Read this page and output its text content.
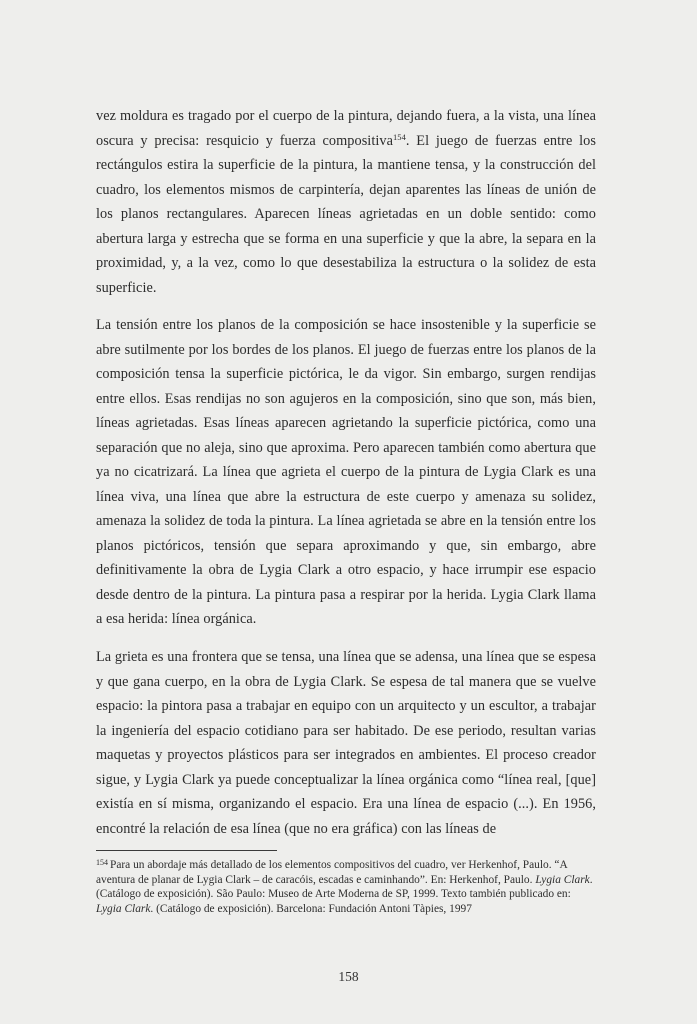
vez moldura es tragado por el cuerpo de la pintura, dejando fuera, a la vista, una línea oscura y precisa: resquicio y fuerza compositiva$^{154}$. El juego de fuerzas entre los rectángulos estira la superficie de la pintura, la mantiene tensa, y la construcción del cuadro, los elementos mismos de carpintería, dejan aparentes las líneas de unión de los planos rectangulares. Aparecen líneas agrietadas en un doble sentido: como abertura larga y estrecha que se forma en una superficie y que la abre, la separa en la proximidad, y, a la vez, como lo que desestabiliza la estructura o la solidez de esta superficie.

La tensión entre los planos de la composición se hace insostenible y la superficie se abre sutilmente por los bordes de los planos. El juego de fuerzas entre los planos de la composición tensa la superficie pictórica, le da vigor. Sin embargo, surgen rendijas entre ellos. Esas rendijas no son agujeros en la composición, sino que son, más bien, líneas agrietadas. Esas líneas aparecen agrietando la superficie pictórica, como una separación que no aleja, sino que aproxima. Pero aparecen también como abertura que ya no cicatrizará. La línea que agrieta el cuerpo de la pintura de Lygia Clark es una línea viva, una línea que abre la estructura de este cuerpo y amenaza su solidez, amenaza la solidez de toda la pintura. La línea agrietada se abre en la tensión entre los planos pictóricos, tensión que separa aproximando y que, sin embargo, abre definitivamente la obra de Lygia Clark a otro espacio, y hace irrumpir ese espacio desde dentro de la pintura. La pintura pasa a respirar por la herida. Lygia Clark llama a esa herida: línea orgánica.

La grieta es una frontera que se tensa, una línea que se adensa, una línea que se espesa y que gana cuerpo, en la obra de Lygia Clark. Se espesa de tal manera que se vuelve espacio: la pintora pasa a trabajar en equipo con un arquitecto y un escultor, a trabajar la ingeniería del espacio cotidiano para ser habitado. De ese periodo, resultan varias maquetas y proyectos plásticos para ser integrados en ambientes. El proceso creador sigue, y Lygia Clark ya puede conceptualizar la línea orgánica como “línea real, [que] existía en sí misma, organizando el espacio. Era una línea de espacio (...). En 1956, encontré la relación de esa línea (que no era gráfica) con las líneas de

$^{154}$ Para un abordaje más detallado de los elementos compositivos del cuadro, ver Herkenhof, Paulo. “A aventura de planar de Lygia Clark – de caracóis, escadas e caminhando”. En: Herkenhof, Paulo. Lygia Clark. (Catálogo de exposición). São Paulo: Museo de Arte Moderna de SP, 1999. Texto también publicado en: Lygia Clark. (Catálogo de exposición). Barcelona: Fundación Antoni Tàpies, 1997
158
